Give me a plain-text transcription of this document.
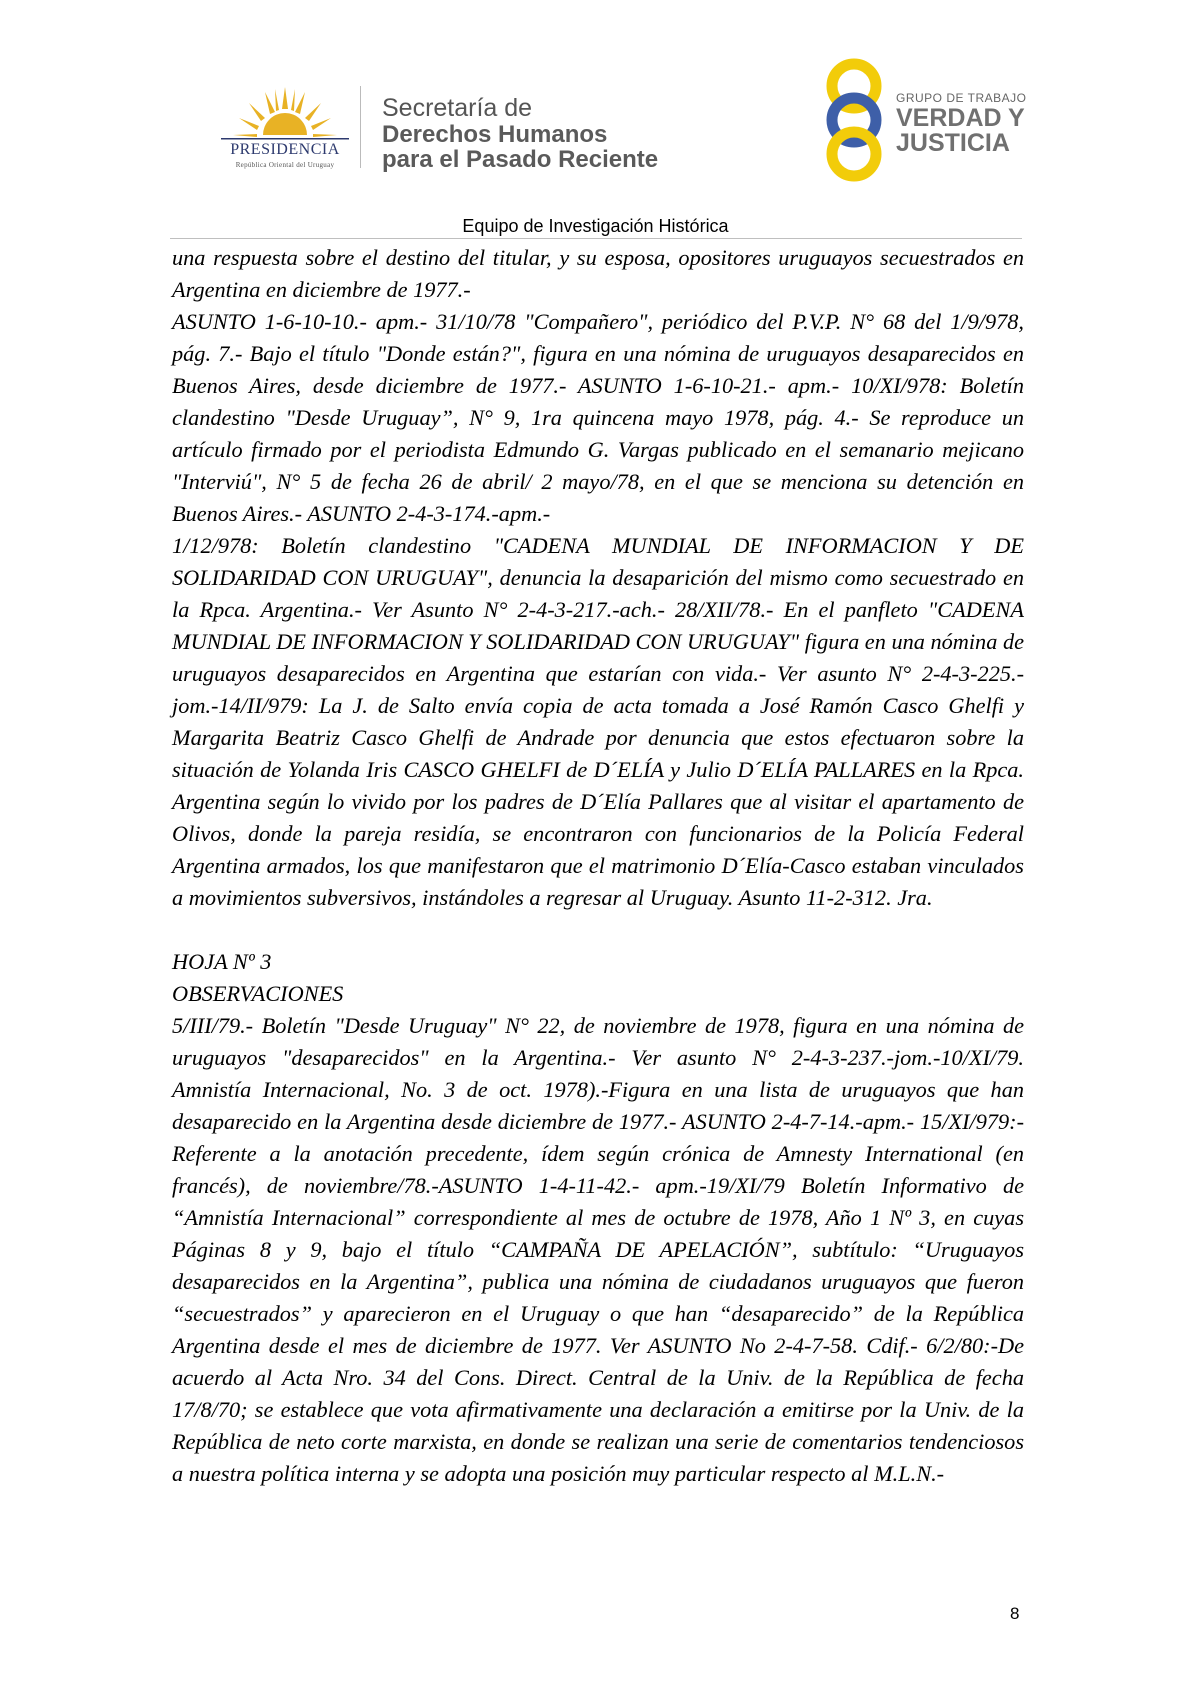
PRESIDENCIA
República Oriental del Uruguay
Secretaría de
Derechos Humanos
para el Pasado Reciente
GRUPO DE TRABAJO
VERDAD Y
JUSTICIA
Equipo de Investigación Histórica

una respuesta sobre el destino del titular, y su esposa, opositores uruguayos secuestrados en Argentina en diciembre de 1977.-

ASUNTO 1-6-10-10.- apm.- 31/10/78 "Compañero", periódico del P.V.P. N° 68 del 1/9/978, pág. 7.- Bajo el título "Donde están?", figura en una nómina de uruguayos desaparecidos en Buenos Aires, desde diciembre de 1977.- ASUNTO 1-6-10-21.- apm.- 10/XI/978: Boletín clandestino "Desde Uruguay”, N° 9, 1ra quincena mayo 1978, pág. 4.- Se reproduce un artículo firmado por el periodista Edmundo G. Vargas publicado en el semanario mejicano "Interviú", N° 5 de fecha 26 de abril/ 2 mayo/78, en el que se menciona su detención en Buenos Aires.- ASUNTO 2-4-3-174.-apm.-

1/12/978: Boletín clandestino "CADENA MUNDIAL DE INFORMACION Y DE SOLIDARIDAD CON URUGUAY", denuncia la desaparición del mismo como secuestrado en la Rpca. Argentina.- Ver Asunto N° 2-4-3-217.-ach.- 28/XII/78.- En el panfleto "CADENA MUNDIAL DE INFORMACION Y SOLIDARIDAD CON URUGUAY" figura en una nómina de uruguayos desaparecidos en Argentina que estarían con vida.- Ver asunto N° 2-4-3-225.-jom.-14/II/979: La J. de Salto envía copia de acta tomada a José Ramón Casco Ghelfi y Margarita Beatriz Casco Ghelfi de Andrade por denuncia que estos efectuaron sobre la situación de Yolanda Iris CASCO GHELFI de D´ELÍA y Julio D´ELÍA PALLARES en la Rpca. Argentina según lo vivido por los padres de D´Elía Pallares que al visitar el apartamento de Olivos, donde la pareja residía, se encontraron con funcionarios de la Policía Federal Argentina armados, los que manifestaron que el matrimonio D´Elía-Casco estaban vinculados a movimientos subversivos, instándoles a regresar al Uruguay. Asunto 11-2-312. Jra.

HOJA Nº 3

OBSERVACIONES

5/III/79.- Boletín "Desde Uruguay" N° 22, de noviembre de 1978, figura en una nómina de uruguayos "desaparecidos" en la Argentina.- Ver asunto N° 2-4-3-237.-jom.-10/XI/79. Amnistía Internacional, No. 3 de oct. 1978).-Figura en una lista de uruguayos que han desaparecido en la Argentina desde diciembre de 1977.- ASUNTO 2-4-7-14.-apm.- 15/XI/979:-Referente a la anotación precedente, ídem según crónica de Amnesty International (en francés), de noviembre/78.-ASUNTO 1-4-11-42.- apm.-19/XI/79 Boletín Informativo de “Amnistía Internacional” correspondiente al mes de octubre de 1978, Año 1 Nº 3, en cuyas Páginas 8 y 9, bajo el título “CAMPAÑA DE APELACIÓN”, subtítulo: “Uruguayos desaparecidos en la Argentina”, publica una nómina de ciudadanos uruguayos que fueron “secuestrados” y aparecieron en el Uruguay o que han “desaparecido” de la República Argentina desde el mes de diciembre de 1977. Ver ASUNTO No 2-4-7-58. Cdif.- 6/2/80:-De acuerdo al Acta Nro. 34 del Cons. Direct. Central de la Univ. de la República de fecha 17/8/70; se establece que vota afirmativamente una declaración a emitirse por la Univ. de la República de neto corte marxista, en donde se realizan una serie de comentarios tendenciosos a nuestra política interna y se adopta una posición muy particular respecto al M.L.N.-

8
